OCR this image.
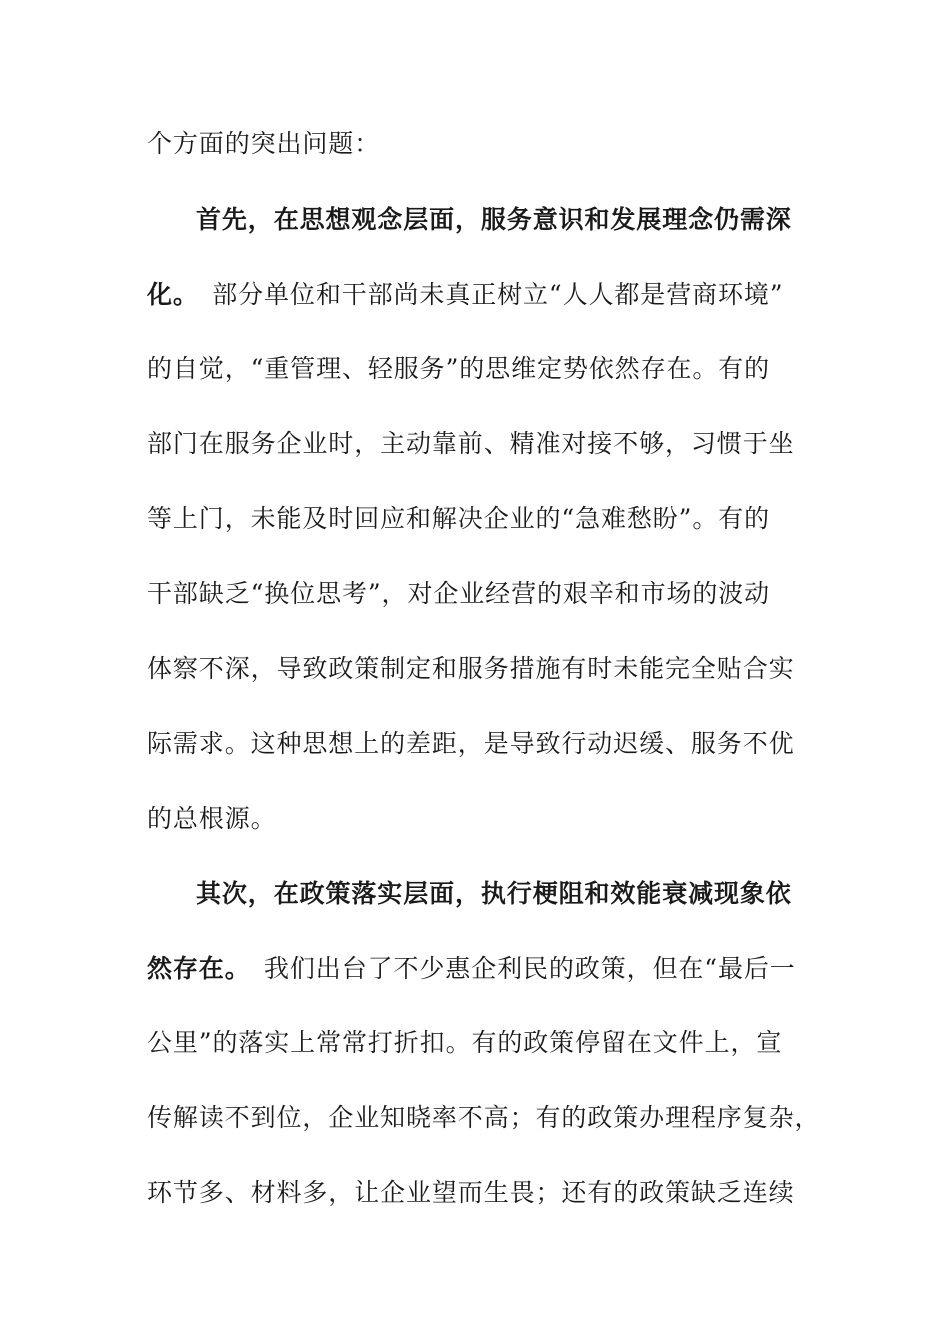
个方面的突出问题：
首先，在思想观念层面，服务意识和发展理念仍需深
化。　部分单位和干部尚未真正树立“人人都是营商环境”
的自觉，“重管理、轻服务”的思维定势依然存在。有的
部门在服务企业时，主动靠前、精准对接不够，习惯于坐
等上门，未能及时回应和解决企业的“急难愁盼”。有的
干部缺乏“换位思考”，对企业经营的艰辛和市场的波动
体察不深，导致政策制定和服务措施有时未能完全贴合实
际需求。这种思想上的差距，是导致行动迟缓、服务不优
的总根源。
其次，在政策落实层面，执行梗阻和效能衰减现象依
然存在。　我们出台了不少惠企利民的政策，但在“最后一
公里”的落实上常常打折扣。有的政策停留在文件上，宣
传解读不到位，企业知晓率不高；有的政策办理程序复杂，
环节多、材料多，让企业望而生畏；还有的政策缺乏连续
